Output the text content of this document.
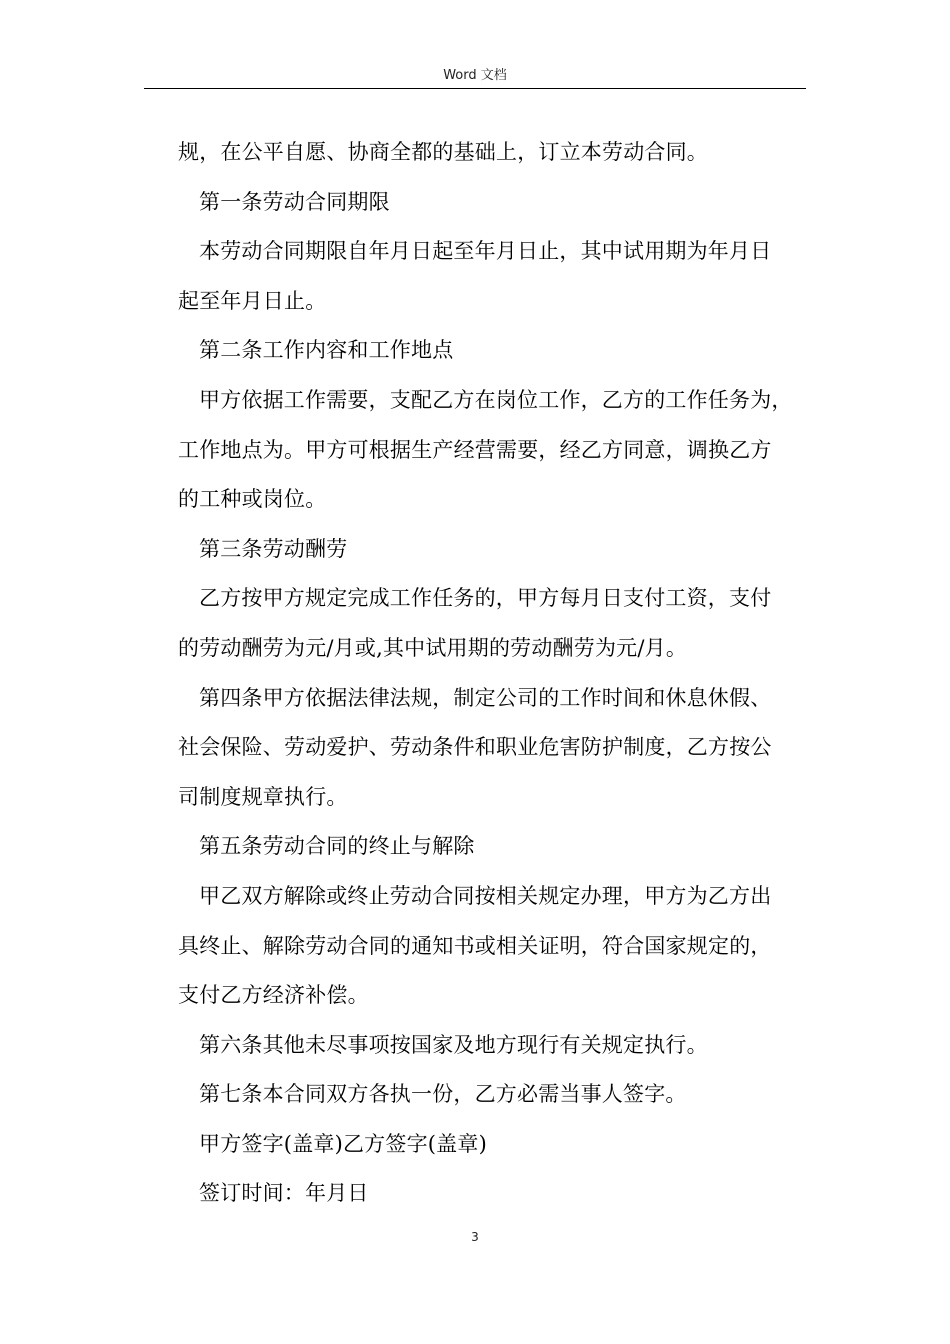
Word 文档

规，在公平自愿、协商全都的基础上，订立本劳动合同。

第一条劳动合同期限

本劳动合同期限自年月日起至年月日止，其中试用期为年月日

起至年月日止。

第二条工作内容和工作地点

甲方依据工作需要，支配乙方在岗位工作，乙方的工作任务为，

工作地点为。甲方可根据生产经营需要，经乙方同意，调换乙方

的工种或岗位。

第三条劳动酬劳

乙方按甲方规定完成工作任务的，甲方每月日支付工资，支付

的劳动酬劳为元/月或,其中试用期的劳动酬劳为元/月。

第四条甲方依据法律法规，制定公司的工作时间和休息休假、

社会保险、劳动爱护、劳动条件和职业危害防护制度，乙方按公

司制度规章执行。

第五条劳动合同的终止与解除

甲乙双方解除或终止劳动合同按相关规定办理，甲方为乙方出

具终止、解除劳动合同的通知书或相关证明，符合国家规定的，

支付乙方经济补偿。

第六条其他未尽事项按国家及地方现行有关规定执行。

第七条本合同双方各执一份，乙方必需当事人签字。

甲方签字(盖章)乙方签字(盖章)

签订时间：年月日

3
